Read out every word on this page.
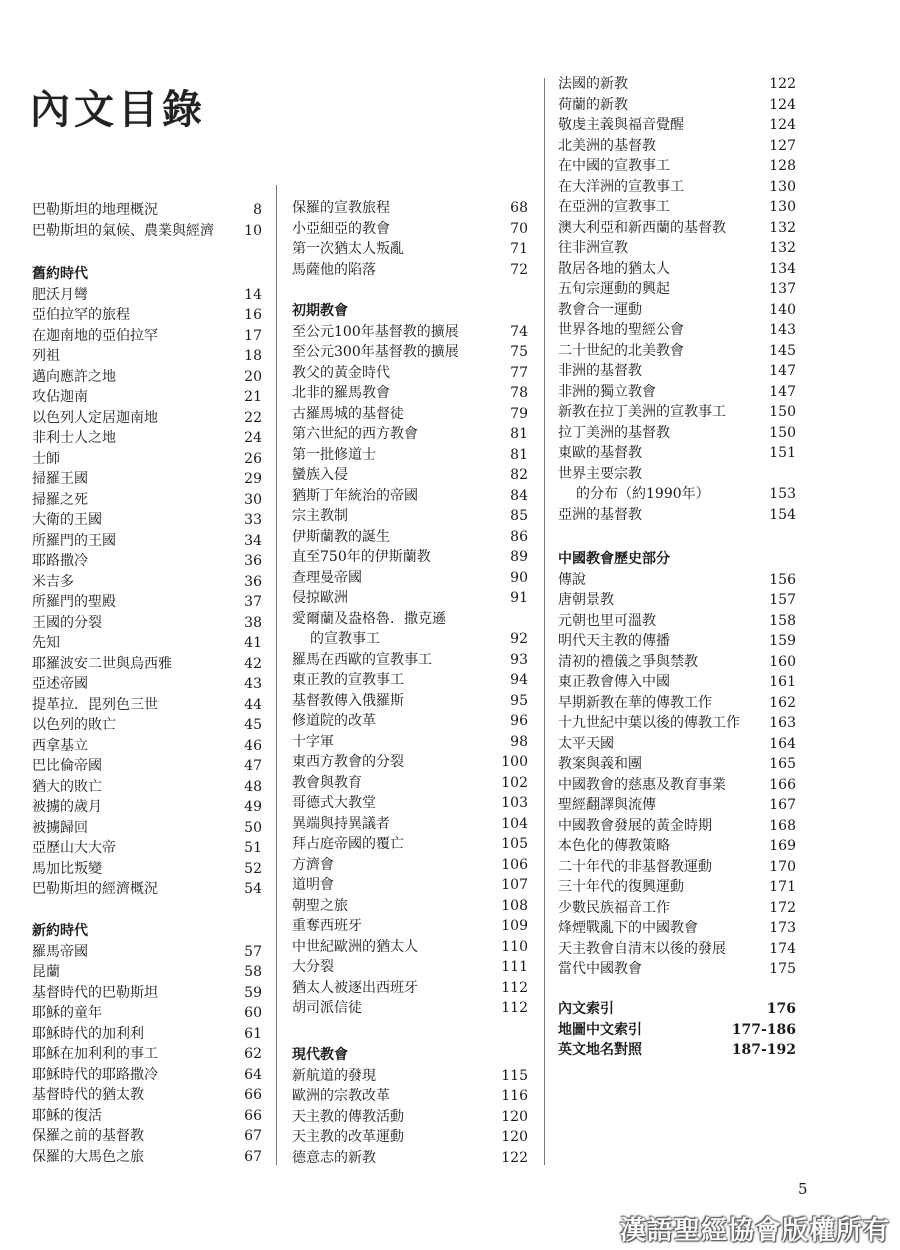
內文目錄
巴勒斯坦的地理概況	8
巴勒斯坦的氣候、農業與經濟 10
舊約時代
肥沃月彎	14
亞伯拉罕的旅程	16
在迦南地的亞伯拉罕	17
列祖	18
邁向應許之地	20
攻佔迦南	21
以色列人定居迦南地	22
非利士人之地	24
士師	26
掃羅王國	29
掃羅之死	30
大衛的王國	33
所羅門的王國	34
耶路撒冷	36
米吉多	36
所羅門的聖殿	37
王國的分裂	38
先知	41
耶羅波安二世與烏西雅	42
亞述帝國	43
提革拉．毘列色三世	44
以色列的敗亡	45
西拿基立	46
巴比倫帝國	47
猶大的敗亡	48
被擄的歲月	49
被擄歸回	50
亞歷山大大帝	51
馬加比叛變	52
巴勒斯坦的經濟概況	54
新約時代
羅馬帝國	57
昆蘭	58
基督時代的巴勒斯坦	59
耶穌的童年	60
耶穌時代的加利利	61
耶穌在加利利的事工	62
耶穌時代的耶路撒冷	64
基督時代的猶太教	66
耶穌的復活	66
保羅之前的基督教	67
保羅的大馬色之旅	67
保羅的宣教旅程	68
小亞細亞的教會	70
第一次猶太人叛亂	71
馬薩他的陷落	72
初期教會
至公元100年基督教的擴展	74
至公元300年基督教的擴展	75
教父的黃金時代	77
北非的羅馬教會	78
古羅馬城的基督徒	79
第六世紀的西方教會	81
第一批修道士	81
蠻族入侵	82
猶斯丁年統治的帝國	84
宗主教制	85
伊斯蘭教的誕生	86
直至750年的伊斯蘭教	89
查理曼帝國	90
侵掠歐洲	91
愛爾蘭及盎格魯．撒克遜
的宣教事工	92
羅馬在西歐的宣教事工	93
東正教的宣教事工	94
基督教傳入俄羅斯	95
修道院的改革	96
十字軍	98
東西方教會的分裂	100
教會與教育	102
哥德式大教堂	103
異端與持異議者	104
拜占庭帝國的覆亡	105
方濟會	106
道明會	107
朝聖之旅	108
重奪西班牙	109
中世紀歐洲的猶太人	110
大分裂	111
猶太人被逐出西班牙	112
胡司派信徒	112
現代教會
新航道的發現	115
歐洲的宗教改革	116
天主教的傳教活動	120
天主教的改革運動	120
德意志的新教	122
法國的新教	122
荷蘭的新教	124
敬虔主義與福音覺醒	124
北美洲的基督教	127
在中國的宣教事工	128
在大洋洲的宣教事工	130
在亞洲的宣教事工	130
澳大利亞和新西蘭的基督教	132
往非洲宣教	132
散居各地的猶太人	134
五旬宗運動的興起	137
教會合一運動	140
世界各地的聖經公會	143
二十世紀的北美教會	145
非洲的基督教	147
非洲的獨立教會	147
新教在拉丁美洲的宣教事工	150
拉丁美洲的基督教	150
東歐的基督教	151
世界主要宗教
的分布（約1990年）	153
亞洲的基督教	154
中國教會歷史部分
傳說	156
唐朝景教	157
元朝也里可溫教	158
明代天主教的傳播	159
清初的禮儀之爭與禁教	160
東正教會傳入中國	161
早期新教在華的傳教工作	162
十九世紀中葉以後的傳教工作 163
太平天國	164
教案與義和團	165
中國教會的慈惠及教育事業	166
聖經翻譯與流傳	167
中國教會發展的黃金時期	168
本色化的傳教策略	169
二十年代的非基督教運動	170
三十年代的復興運動	171
少數民族福音工作	172
烽煙戰亂下的中國教會	173
天主教會自清末以後的發展	174
當代中國教會	175
內文索引	176
地圖中文索引	177-186
英文地名對照	187-192
5
漢語聖經協會版權所有
